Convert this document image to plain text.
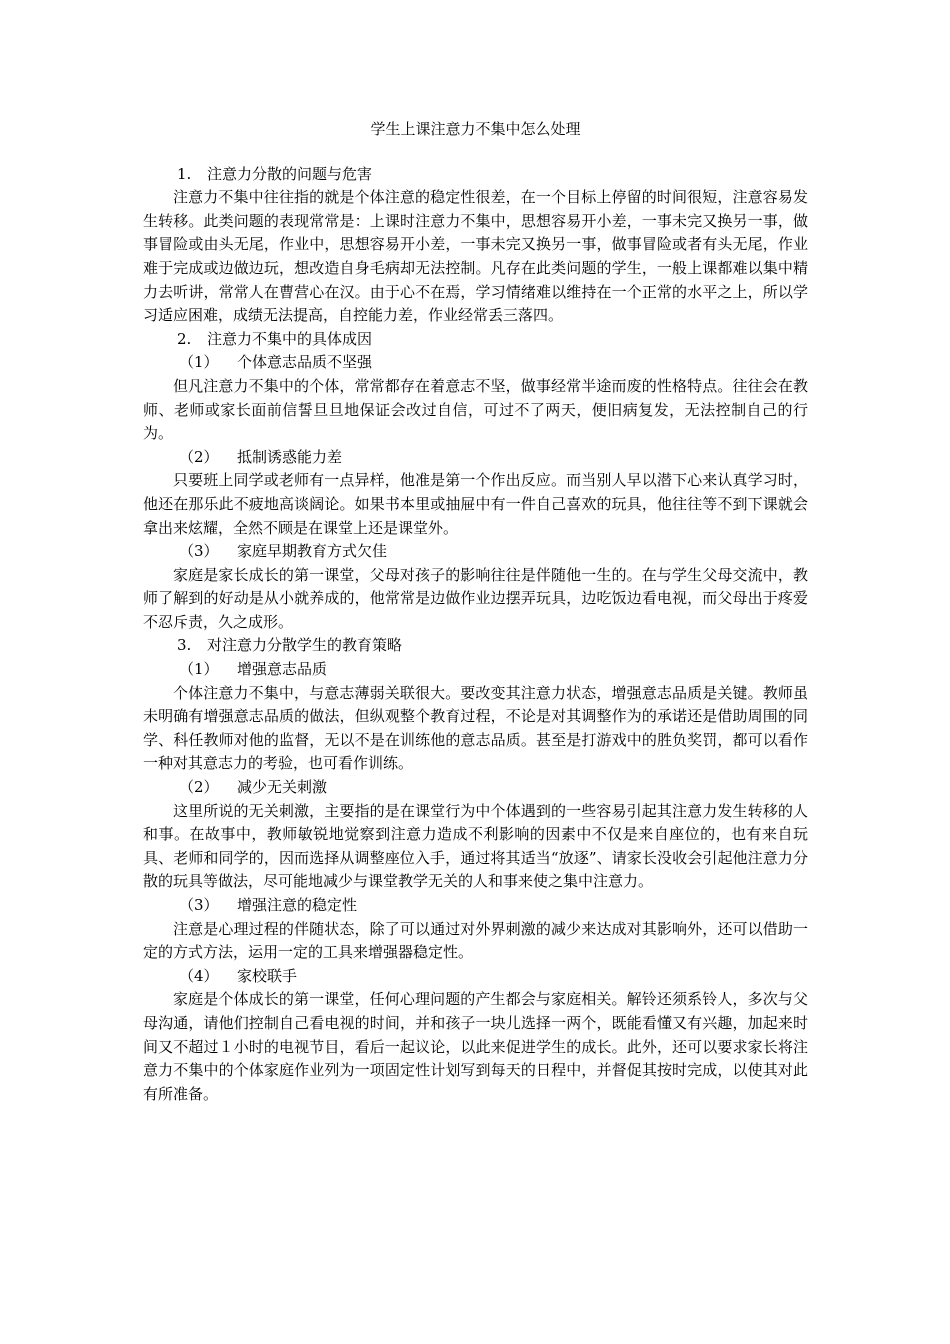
学生上课注意力不集中怎么处理

1. 注意力分散的问题与危害

注意力不集中往往指的就是个体注意的稳定性很差，在一个目标上停留的时间很短，注意容易发生转移。此类问题的表现常常是：上课时注意力不集中，思想容易开小差，一事未完又换另一事，做事冒险或由头无尾，作业中，思想容易开小差，一事未完又换另一事，做事冒险或者有头无尾，作业难于完成或边做边玩，想改造自身毛病却无法控制。凡存在此类问题的学生，一般上课都难以集中精力去听讲，常常人在曹营心在汉。由于心不在焉，学习情绪难以维持在一个正常的水平之上，所以学习适应困难，成绩无法提高，自控能力差，作业经常丢三落四。

2. 注意力不集中的具体成因

（1） 个体意志品质不坚强

但凡注意力不集中的个体，常常都存在着意志不坚，做事经常半途而废的性格特点。往往会在教师、老师或家长面前信誓旦旦地保证会改过自信，可过不了两天，便旧病复发，无法控制自己的行为。

（2） 抵制诱惑能力差

只要班上同学或老师有一点异样，他准是第一个作出反应。而当别人早以潜下心来认真学习时，他还在那乐此不疲地高谈阔论。如果书本里或抽屉中有一件自己喜欢的玩具，他往往等不到下课就会拿出来炫耀，全然不顾是在课堂上还是课堂外。

（3） 家庭早期教育方式欠佳

家庭是家长成长的第一课堂，父母对孩子的影响往往是伴随他一生的。在与学生父母交流中，教师了解到的好动是从小就养成的，他常常是边做作业边摆弄玩具，边吃饭边看电视，而父母出于疼爱不忍斥责，久之成形。

3. 对注意力分散学生的教育策略

（1） 增强意志品质

个体注意力不集中，与意志薄弱关联很大。要改变其注意力状态，增强意志品质是关键。教师虽未明确有增强意志品质的做法，但纵观整个教育过程，不论是对其调整作为的承诺还是借助周围的同学、科任教师对他的监督，无以不是在训练他的意志品质。甚至是打游戏中的胜负奖罚，都可以看作一种对其意志力的考验，也可看作训练。

（2） 减少无关刺激

这里所说的无关刺激，主要指的是在课堂行为中个体遇到的一些容易引起其注意力发生转移的人和事。在故事中，教师敏锐地觉察到注意力造成不利影响的因素中不仅是来自座位的，也有来自玩具、老师和同学的，因而选择从调整座位入手，通过将其适当“放逐”、请家长没收会引起他注意力分散的玩具等做法，尽可能地减少与课堂教学无关的人和事来使之集中注意力。

（3） 增强注意的稳定性

注意是心理过程的伴随状态，除了可以通过对外界刺激的减少来达成对其影响外，还可以借助一定的方式方法，运用一定的工具来增强器稳定性。

（4） 家校联手

家庭是个体成长的第一课堂，任何心理问题的产生都会与家庭相关。解铃还须系铃人，多次与父母沟通，请他们控制自己看电视的时间，并和孩子一块儿选择一两个，既能看懂又有兴趣，加起来时间又不超过１小时的电视节目，看后一起议论，以此来促进学生的成长。此外，还可以要求家长将注意力不集中的个体家庭作业列为一项固定性计划写到每天的日程中，并督促其按时完成，以使其对此有所准备。
